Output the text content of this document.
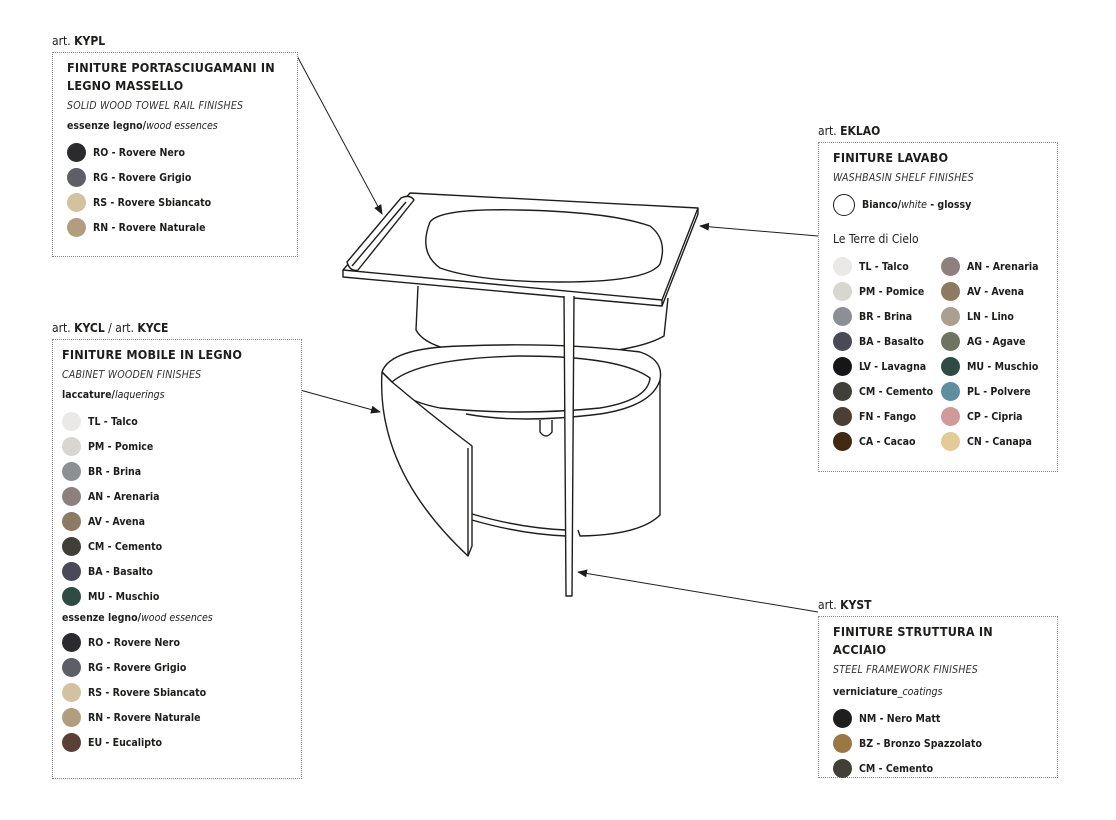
art. KYPL
FINITURE PORTASCIUGAMANI IN LEGNO MASSELLO
SOLID WOOD TOWEL RAIL FINISHES
essenze legno/wood essences
RO - Rovere Nero
RG - Rovere Grigio
RS - Rovere Sbiancato
RN - Rovere Naturale
art. EKLAO
FINITURE LAVABO
WASHBASIN SHELF FINISHES
Bianco/white - glossy
Le Terre di Cielo
TL - Talco	AN - Arenaria
PM - Pomice	AV - Avena
BR - Brina	LN - Lino
BA - Basalto	AG - Agave
LV - Lavagna	MU - Muschio
CM - Cemento	PL - Polvere
FN - Fango	CP - Cipria
CA - Cacao	CN - Canapa
art. KYCL / art. KYCE
FINITURE MOBILE IN LEGNO
CABINET WOODEN FINISHES
laccature/laquerings
TL - Talco
PM - Pomice
BR - Brina
AN - Arenaria
AV - Avena
CM - Cemento
BA - Basalto
MU - Muschio
essenze legno/wood essences
RO - Rovere Nero
RG - Rovere Grigio
RS - Rovere Sbiancato
RN - Rovere Naturale
EU - Eucalipto
art. KYST
FINITURE STRUTTURA IN ACCIAIO
STEEL FRAMEWORK FINISHES
verniciature_coatings
NM - Nero Matt
BZ - Bronzo Spazzolato
CM - Cemento
